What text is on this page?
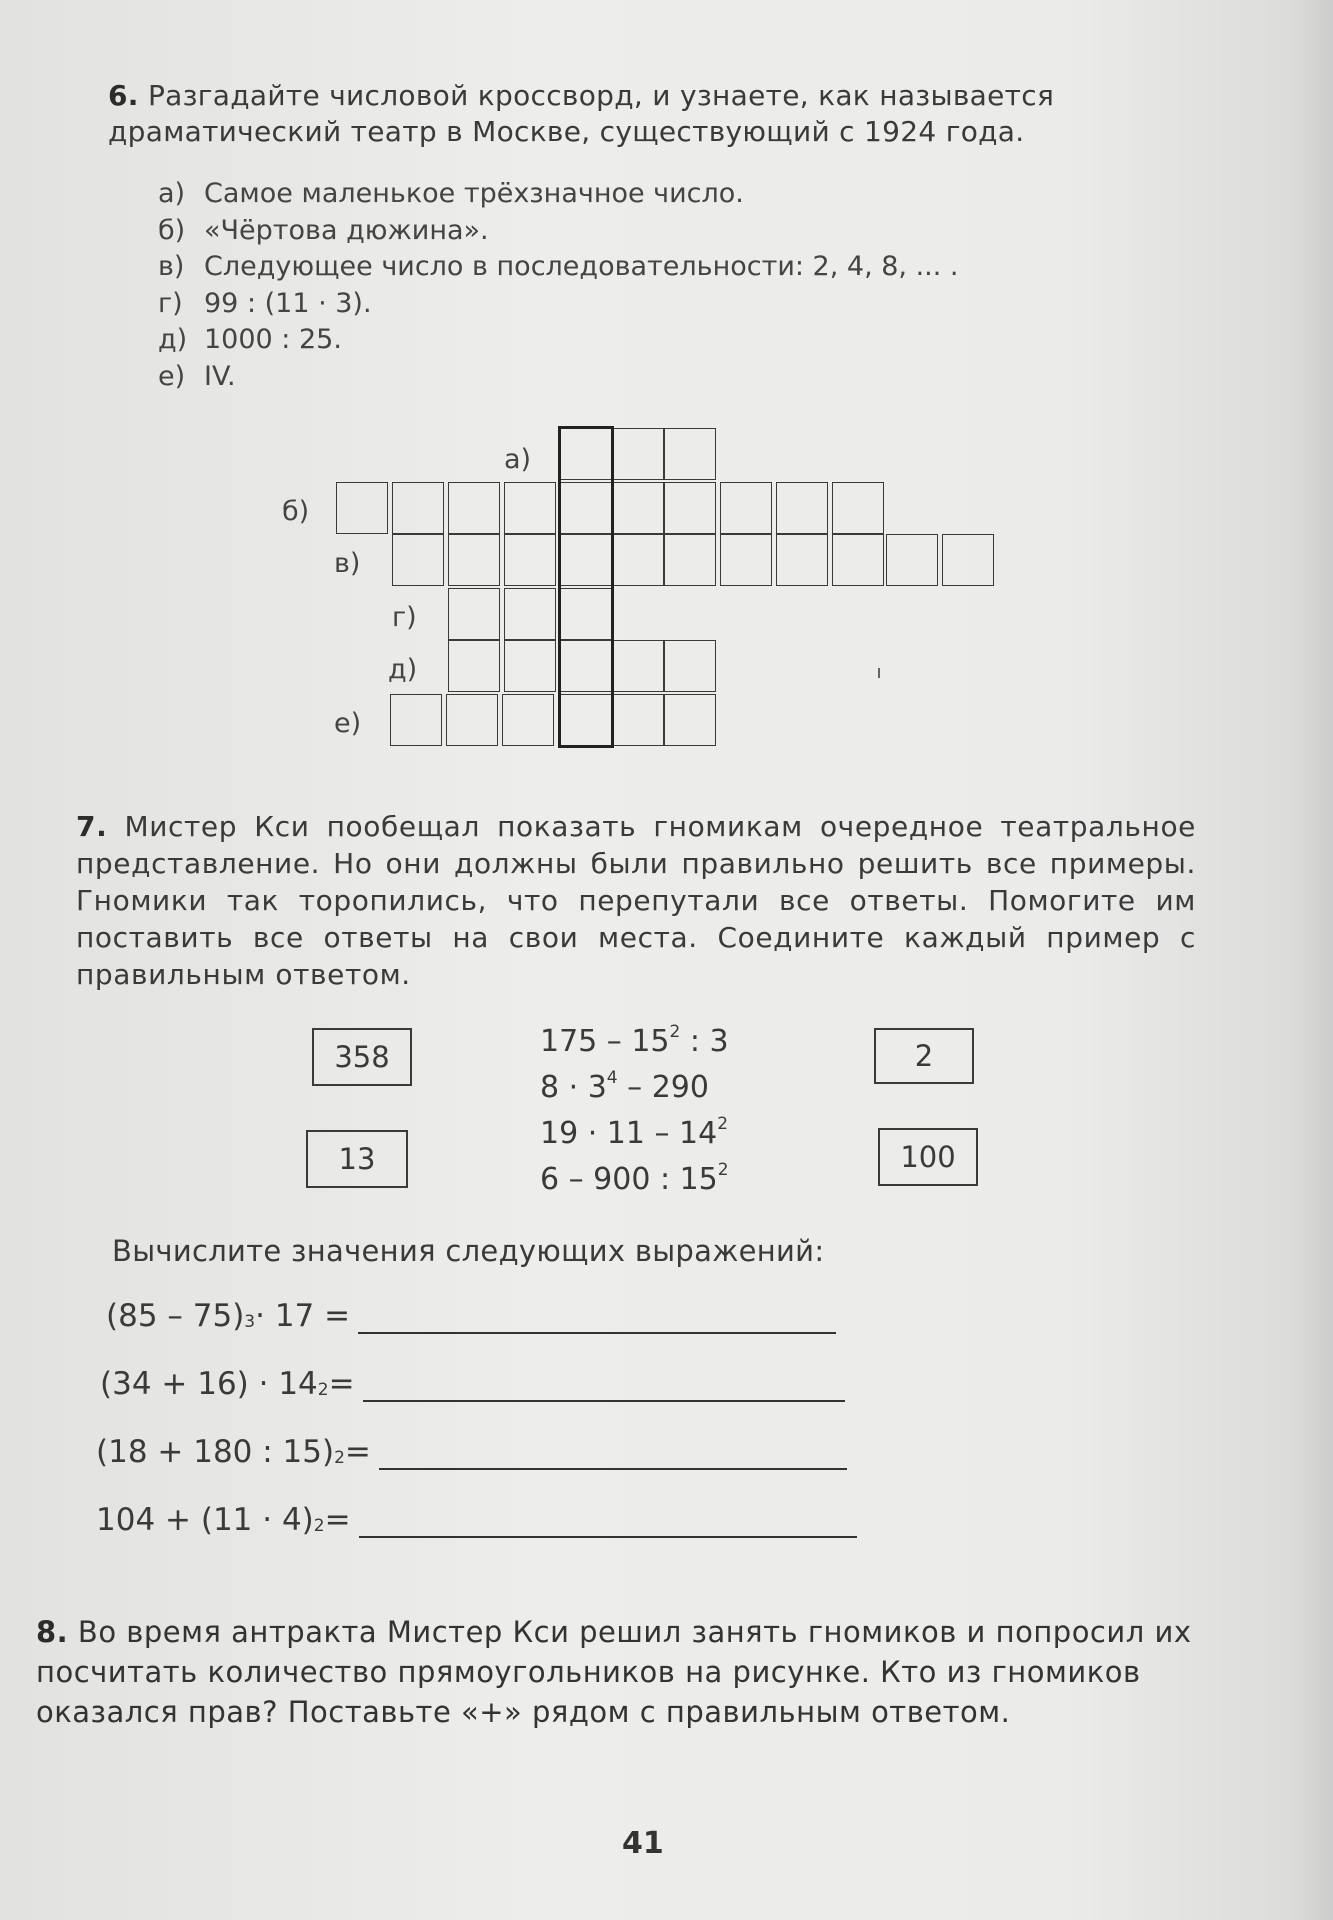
6. Разгадайте числовой кроссворд, и узнаете, как называется
драматический театр в Москве, существующий с 1924 года.
а) Самое маленькое трёхзначное число.
б) «Чёртова дюжина».
в) Следующее число в последовательности: 2, 4, 8, ... .
г) 99 : (11 · 3).
д) 1000 : 25.
е) IV.
а)
б)
в)
г)
д)
е)
7. Мистер Кси пообещал показать гномикам очередное театральное представление. Но они должны были правильно решить все примеры. Гномики так торопились, что перепутали все ответы. Помогите им поставить все ответы на свои места. Соедините каждый пример с правильным ответом.
358
13
2
100
$175 - 15^2$ : 3
$8 \cdot 3^4 - 290$
$19 \cdot 11 - 14^2$
6 – 900 : $15^2$
Вычислите значения следующих выражений:
(85 – 75)$^3$ · 17 =
$(34 + 16) \cdot 14^2$ =
(18 + 180 : 15)$^2$ =
$104 + (11 \cdot 4)^2$ =
8. Во время антракта Мистер Кси решил занять гномиков и попросил их посчитать количество прямоугольников на рисунке. Кто из гномиков оказался прав? Поставьте «+» рядом с правильным ответом.
41
